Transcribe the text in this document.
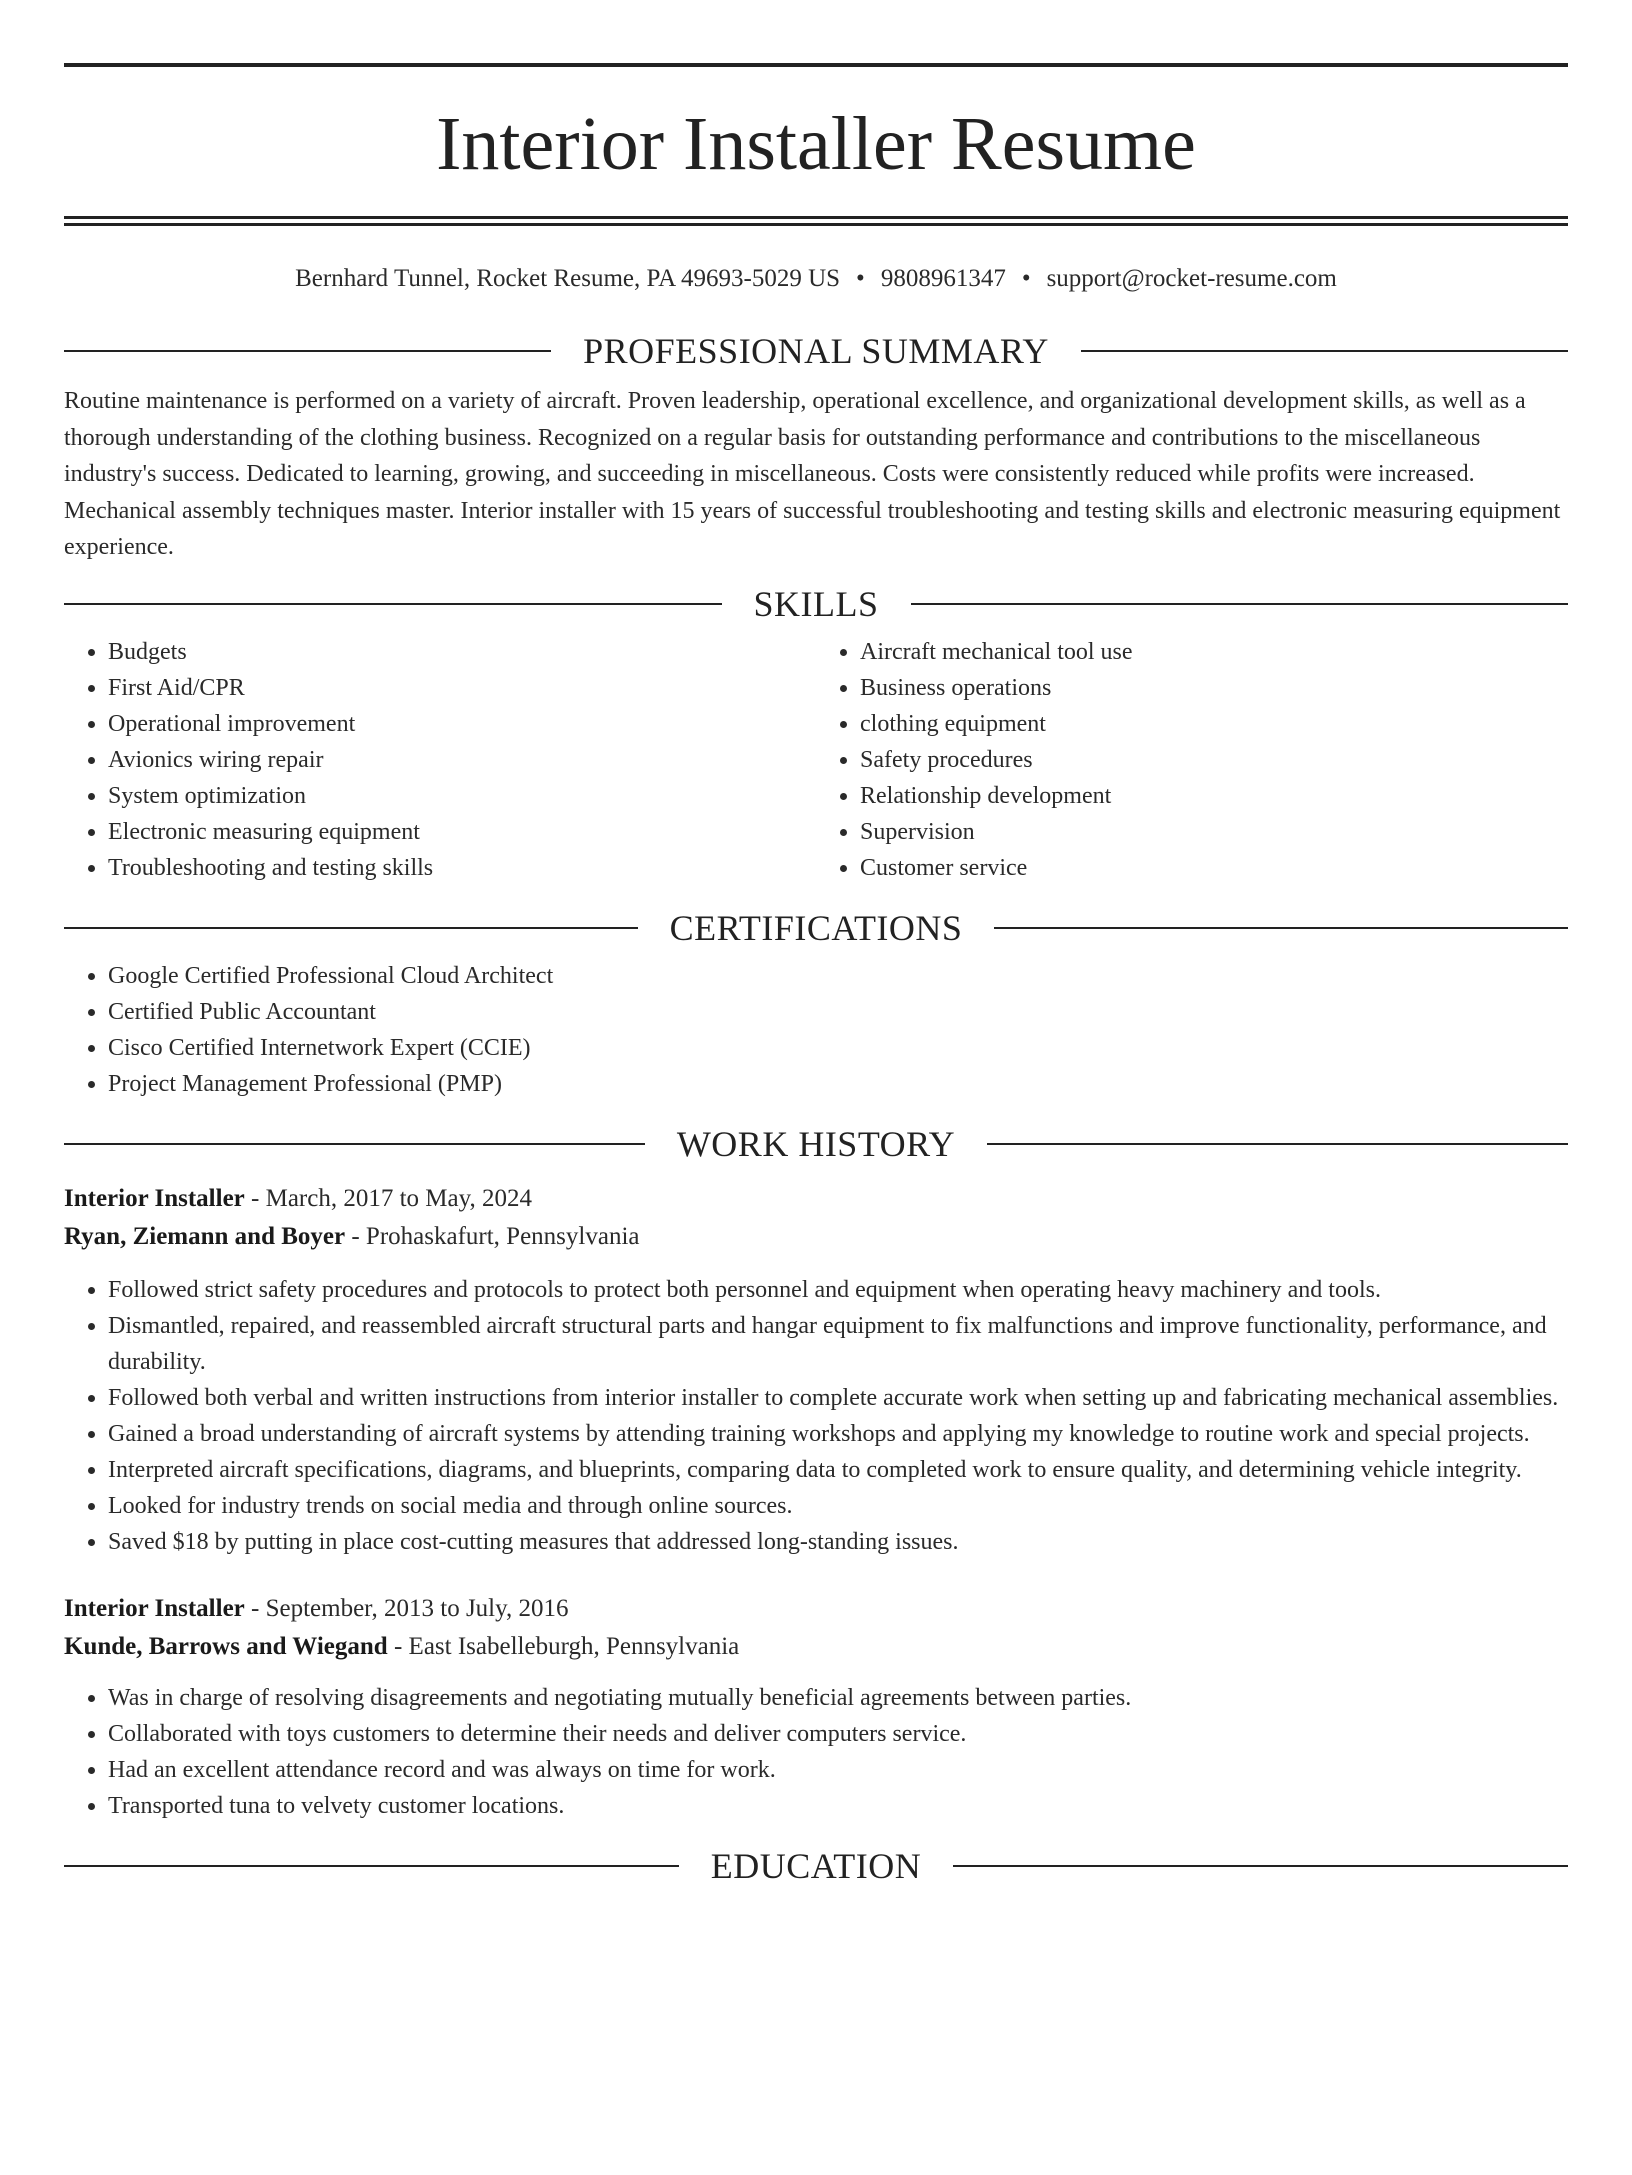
Interior Installer Resume
Bernhard Tunnel, Rocket Resume, PA 49693-5029 US • 9808961347 • support@rocket-resume.com
PROFESSIONAL SUMMARY

Routine maintenance is performed on a variety of aircraft. Proven leadership, operational excellence, and organizational development skills, as well as a thorough understanding of the clothing business. Recognized on a regular basis for outstanding performance and contributions to the miscellaneous industry's success. Dedicated to learning, growing, and succeeding in miscellaneous. Costs were consistently reduced while profits were increased. Mechanical assembly techniques master. Interior installer with 15 years of successful troubleshooting and testing skills and electronic measuring equipment experience.

SKILLS
• Budgets
• First Aid/CPR
• Operational improvement
• Avionics wiring repair
• System optimization
• Electronic measuring equipment
• Troubleshooting and testing skills
• Aircraft mechanical tool use
• Business operations
• clothing equipment
• Safety procedures
• Relationship development
• Supervision
• Customer service
CERTIFICATIONS
• Google Certified Professional Cloud Architect
• Certified Public Accountant
• Cisco Certified Internetwork Expert (CCIE)
• Project Management Professional (PMP)
WORK HISTORY
Interior Installer - March, 2017 to May, 2024
Ryan, Ziemann and Boyer - Prohaskafurt, Pennsylvania
• Followed strict safety procedures and protocols to protect both personnel and equipment when operating heavy machinery and tools.
• Dismantled, repaired, and reassembled aircraft structural parts and hangar equipment to fix malfunctions and improve functionality, performance, and durability.
• Followed both verbal and written instructions from interior installer to complete accurate work when setting up and fabricating mechanical assemblies.
• Gained a broad understanding of aircraft systems by attending training workshops and applying my knowledge to routine work and special projects.
• Interpreted aircraft specifications, diagrams, and blueprints, comparing data to completed work to ensure quality, and determining vehicle integrity.
• Looked for industry trends on social media and through online sources.
• Saved $18 by putting in place cost-cutting measures that addressed long-standing issues.
Interior Installer - September, 2013 to July, 2016
Kunde, Barrows and Wiegand - East Isabelleburgh, Pennsylvania
• Was in charge of resolving disagreements and negotiating mutually beneficial agreements between parties.
• Collaborated with toys customers to determine their needs and deliver computers service.
• Had an excellent attendance record and was always on time for work.
• Transported tuna to velvety customer locations.
EDUCATION
